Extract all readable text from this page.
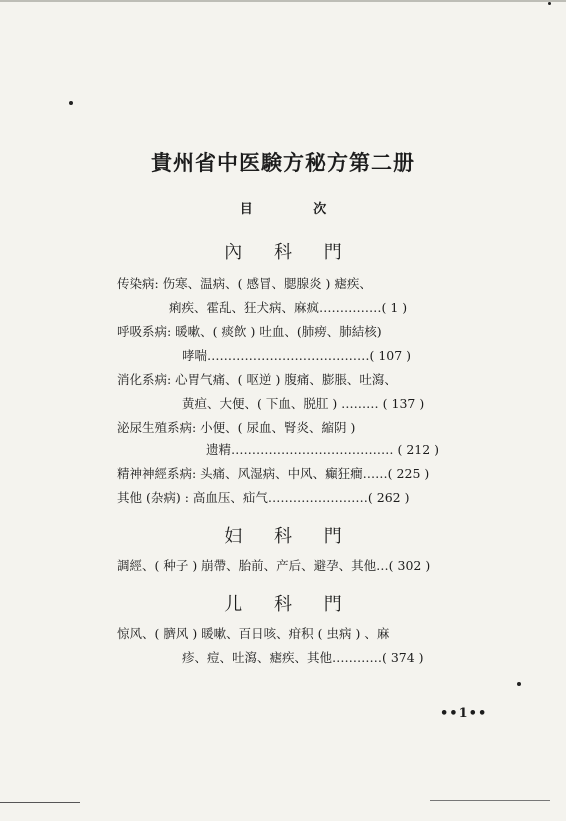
貴州省中医験方秘方第二册
目 次
內 科 門
传染病: 伤寒、温病、( 感冒、腮腺炎 ) 瘧疾、
痢疾、霍乱、狂犬病、麻疯……………( 1 )
呼吸系病: 暖嗽、( 痰飲 ) 吐血、(肺痨、肺結核)
哮喘…………………………………( 107 )
消化系病: 心胃气痛、( 呕逆 ) 腹痛、膨脹、吐瀉、
黄疸、大便、( 下血、脱肛 ) ……… ( 137 )
泌尿生殖系病: 小便、( 尿血、腎炎、縮阴 )
遗精………………………………… ( 212 )
精神神經系病: 头痛、风湿病、中风、癲狂癎……( 225 )
其他 (杂病) : 高血压、疝气……………………( 262 )
妇 科 門
調經、( 种子 ) 崩帶、胎前、产后、避孕、其他…( 302 )
儿 科 門
惊风、( 臍风 ) 暖嗽、百日咳、疳积 ( 虫病 ) 、麻
疹、痘、吐瀉、瘧疾、其他…………( 374 )
••1••
